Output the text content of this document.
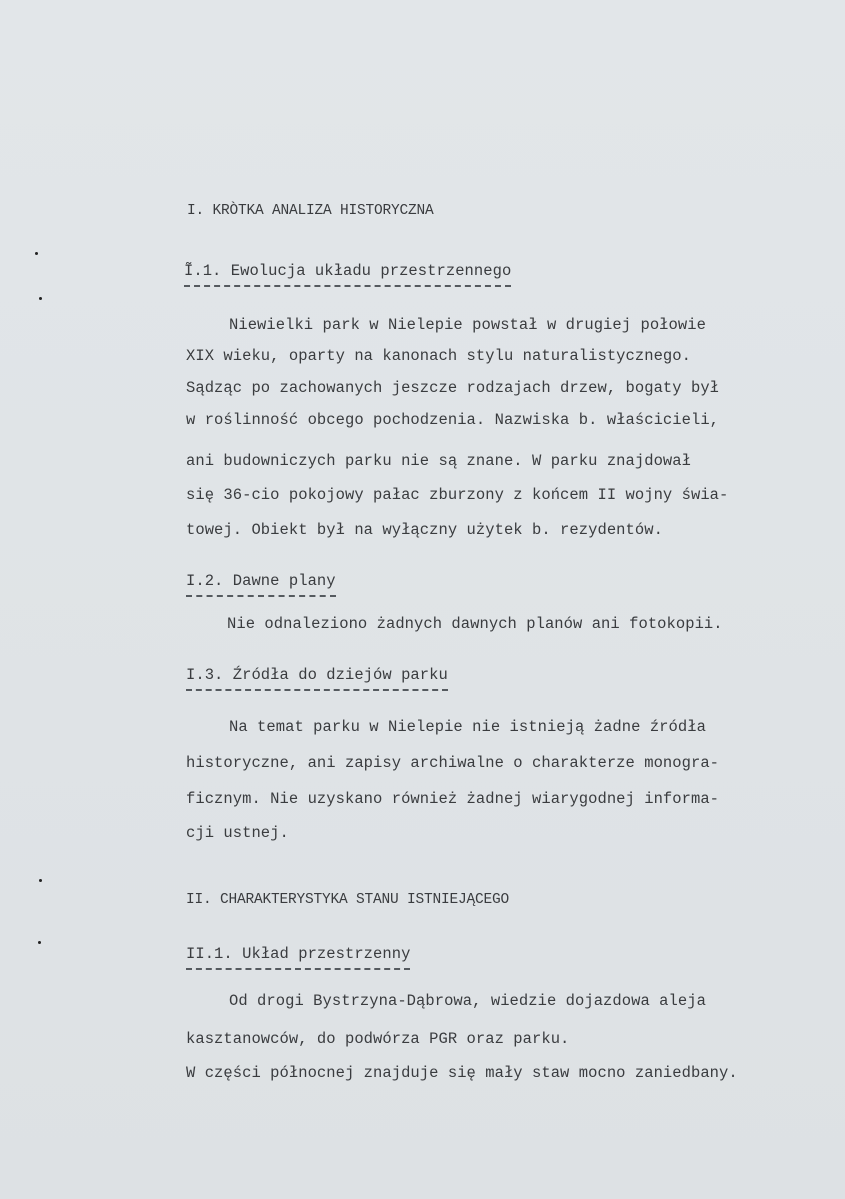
I. KRÒTKA ANALIZA HISTORYCZNA
Ĩ.1. Ewolucja układu przestrzennego
Niewielki park w Nielepie powstał w drugiej połowie
XIX wieku, oparty na kanonach stylu naturalistycznego.
Sądząc po zachowanych jeszcze rodzajach drzew, bogaty był
w roślinność obcego pochodzenia. Nazwiska b. właścicieli,
ani budowniczych parku nie są znane. W parku znajdował
się 36-cio pokojowy pałac zburzony z końcem II wojny świa-
towej. Obiekt był na wyłączny użytek b. rezydentów.
I.2. Dawne plany
Nie odnaleziono żadnych dawnych planów ani fotokopii.
I.3. Źródła do dziejów parku
Na temat parku w Nielepie nie istnieją żadne źródła
historyczne, ani zapisy archiwalne o charakterze monogra-
ficznym. Nie uzyskano również żadnej wiarygodnej informa-
cji ustnej.
II. CHARAKTERYSTYKA STANU ISTNIEJĄCEGO
II.1. Układ przestrzenny
Od drogi Bystrzyna-Dąbrowa, wiedzie dojazdowa aleja
kasztanowców, do podwórza PGR oraz parku.
W części północnej znajduje się mały staw mocno zaniedbany.
